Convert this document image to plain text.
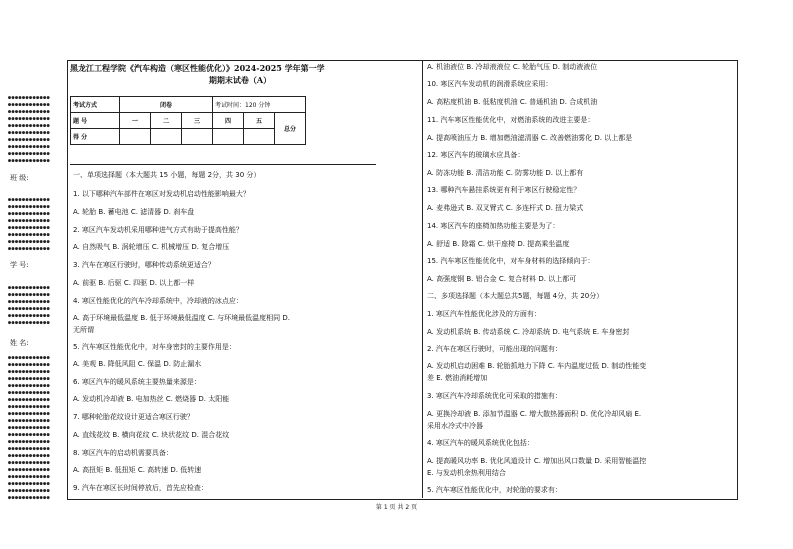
●●●●●●●●●●●●
●●●●●●●●●●●●
●●●●●●●●●●●●
●●●●●●●●●●●●
●●●●●●●●●●●●
●●●●●●●●●●●●
●●●●●●●●●●●●
●●●●●●●●●●●●
●●●●●●●●●●●●
●●●●●●●●●●●●
班 级:
●●●●●●●●●●●●
●●●●●●●●●●●●
●●●●●●●●●●●●
●●●●●●●●●●●●
●●●●●●●●●●●●
●●●●●●●●●●●●
●●●●●●●●●●●●
●●●●●●●●●●●●
学 号:
●●●●●●●●●●●●
●●●●●●●●●●●●
●●●●●●●●●●●●
●●●●●●●●●●●●
●●●●●●●●●●●●
●●●●●●●●●●●●
姓 名:
●●●●●●●●●●●●
●●●●●●●●●●●●
●●●●●●●●●●●●
●●●●●●●●●●●●
●●●●●●●●●●●●
●●●●●●●●●●●●
●●●●●●●●●●●●
●●●●●●●●●●●●
●●●●●●●●●●●●
●●●●●●●●●●●●
●●●●●●●●●●●●
●●●●●●●●●●●●
●●●●●●●●●●●●
●●●●●●●●●●●●
●●●●●●●●●●●●
●●●●●●●●●●●●
●●●●●●●●●●●●
●●●●●●●●●●●●
●●●●●●●●●●●●
●●●●●●●●●●●●
●●●●●●●●●●●●
黑龙江工程学院《汽车构造（寒区性能优化）》2024-2025 学年第一学
期期末试卷（A）
考试方式	闭卷			考试时间：120 分钟		
题 号	一	二	三	四	五	总分
得 分						
一、单项选择题（本大题共 15 小题，每题 2分，共 30 分）
1. 以下哪种汽车部件在寒区对发动机启动性能影响最大？
A. 轮胎 B. 蓄电池 C. 滤清器 D. 刹车盘
2. 寒区汽车发动机采用哪种进气方式有助于提高性能？
A. 自然吸气 B. 涡轮增压 C. 机械增压 D. 复合增压
3. 汽车在寒区行驶时，哪种传动系统更适合？
A. 前驱 B. 后驱 C. 四驱 D. 以上都一样
4. 寒区性能优化的汽车冷却系统中，冷却液的冰点应：
A. 高于环境最低温度 B. 低于环境最低温度 C. 与环境最低温度相同 D.
无所谓
5. 汽车寒区性能优化中，对车身密封的主要作用是：
A. 美观 B. 降低风阻 C. 保温 D. 防止漏水
6. 寒区汽车的暖风系统主要热量来源是：
A. 发动机冷却液 B. 电加热丝 C. 燃烧器 D. 太阳能
7. 哪种轮胎花纹设计更适合寒区行驶？
A. 直线花纹 B. 横向花纹 C. 块状花纹 D. 混合花纹
8. 寒区汽车的启动机需要具备：
A. 高扭矩 B. 低扭矩 C. 高转速 D. 低转速
9. 汽车在寒区长时间停放后，首先应检查：
A. 机油液位 B. 冷却液液位 C. 轮胎气压 D. 制动液液位
10. 寒区汽车发动机的润滑系统应采用：
A. 高粘度机油 B. 低粘度机油 C. 普通机油 D. 合成机油
11. 汽车寒区性能优化中，对燃油系统的改进主要是：
A. 提高喷油压力 B. 增加燃油滤清器 C. 改善燃油雾化 D. 以上都是
12. 寒区汽车的玻璃水应具备：
A. 防冻功能 B. 清洁功能 C. 防雾功能 D. 以上都有
13. 哪种汽车悬挂系统更有利于寒区行驶稳定性？
A. 麦弗逊式 B. 双叉臂式 C. 多连杆式 D. 扭力梁式
14. 寒区汽车的座椅加热功能主要是为了：
A. 舒适 B. 除霜 C. 烘干座椅 D. 提高乘坐温度
15. 汽车寒区性能优化中，对车身材料的选择倾向于：
A. 高强度钢 B. 铝合金 C. 复合材料 D. 以上都可
二、多项选择题（本大题总共5题，每题 4分，共 20分）
1. 寒区汽车性能优化涉及的方面有：
A. 发动机系统 B. 传动系统 C. 冷却系统 D. 电气系统 E. 车身密封
2. 汽车在寒区行驶时，可能出现的问题有：
A. 发动机启动困难 B. 轮胎抓地力下降 C. 车内温度过低 D. 制动性能变
差 E. 燃油消耗增加
3. 寒区汽车冷却系统优化可采取的措施有：
A. 更换冷却液 B. 添加节温器 C. 增大散热器面积 D. 优化冷却风扇 E.
采用水冷式中冷器
4. 寒区汽车的暖风系统优化包括：
A. 提高暖风功率 B. 优化风道设计 C. 增加出风口数量 D. 采用智能温控
E. 与发动机余热利用结合
5. 汽车寒区性能优化中，对轮胎的要求有：
第 1 页 共 2 页
